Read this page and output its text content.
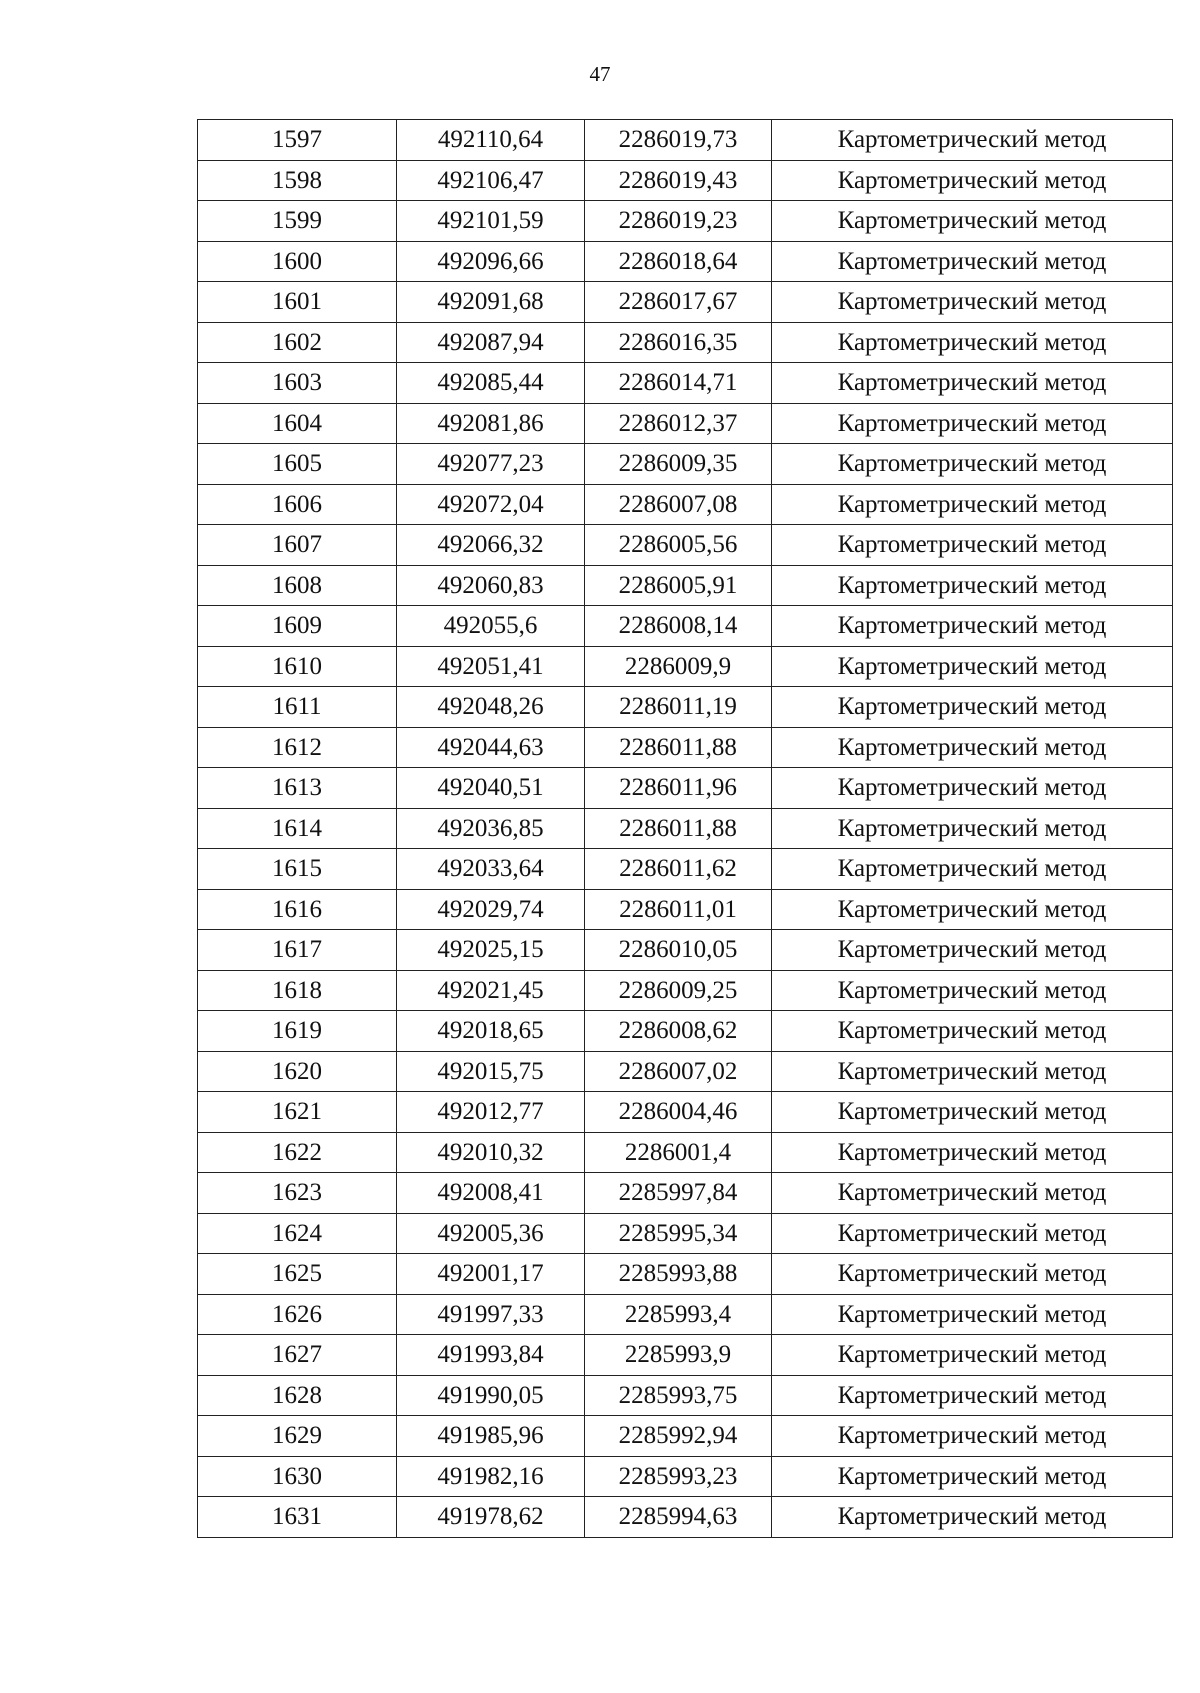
47
1597	492110,64	2286019,73	Картометрический метод
1598	492106,47	2286019,43	Картометрический метод
1599	492101,59	2286019,23	Картометрический метод
1600	492096,66	2286018,64	Картометрический метод
1601	492091,68	2286017,67	Картометрический метод
1602	492087,94	2286016,35	Картометрический метод
1603	492085,44	2286014,71	Картометрический метод
1604	492081,86	2286012,37	Картометрический метод
1605	492077,23	2286009,35	Картометрический метод
1606	492072,04	2286007,08	Картометрический метод
1607	492066,32	2286005,56	Картометрический метод
1608	492060,83	2286005,91	Картометрический метод
1609	492055,6	2286008,14	Картометрический метод
1610	492051,41	2286009,9	Картометрический метод
1611	492048,26	2286011,19	Картометрический метод
1612	492044,63	2286011,88	Картометрический метод
1613	492040,51	2286011,96	Картометрический метод
1614	492036,85	2286011,88	Картометрический метод
1615	492033,64	2286011,62	Картометрический метод
1616	492029,74	2286011,01	Картометрический метод
1617	492025,15	2286010,05	Картометрический метод
1618	492021,45	2286009,25	Картометрический метод
1619	492018,65	2286008,62	Картометрический метод
1620	492015,75	2286007,02	Картометрический метод
1621	492012,77	2286004,46	Картометрический метод
1622	492010,32	2286001,4	Картометрический метод
1623	492008,41	2285997,84	Картометрический метод
1624	492005,36	2285995,34	Картометрический метод
1625	492001,17	2285993,88	Картометрический метод
1626	491997,33	2285993,4	Картометрический метод
1627	491993,84	2285993,9	Картометрический метод
1628	491990,05	2285993,75	Картометрический метод
1629	491985,96	2285992,94	Картометрический метод
1630	491982,16	2285993,23	Картометрический метод
1631	491978,62	2285994,63	Картометрический метод
